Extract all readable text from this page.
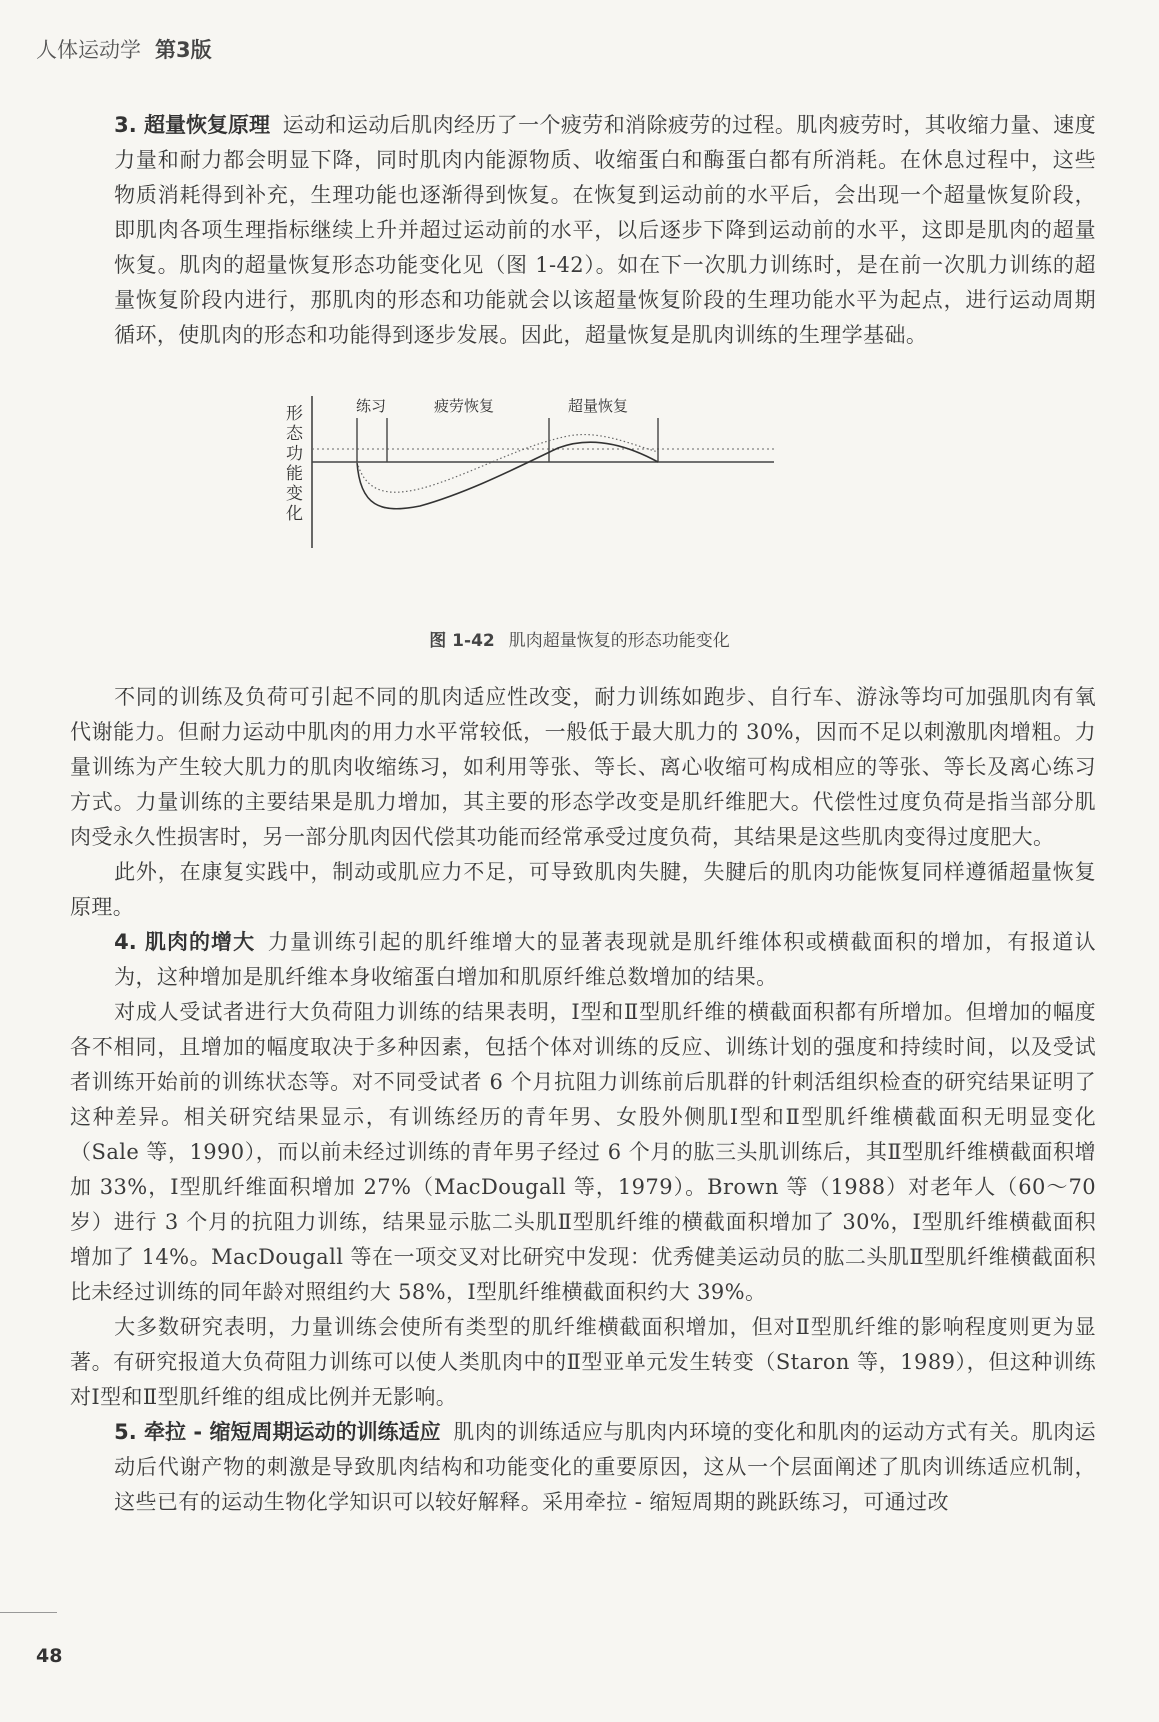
人体运动学 第3版

3. 超量恢复原理 运动和运动后肌肉经历了一个疲劳和消除疲劳的过程。肌肉疲劳时，其收缩力量、速度力量和耐力都会明显下降，同时肌肉内能源物质、收缩蛋白和酶蛋白都有所消耗。在休息过程中，这些物质消耗得到补充，生理功能也逐渐得到恢复。在恢复到运动前的水平后，会出现一个超量恢复阶段，即肌肉各项生理指标继续上升并超过运动前的水平，以后逐步下降到运动前的水平，这即是肌肉的超量恢复。肌肉的超量恢复形态功能变化见（图 1-42）。如在下一次肌力训练时，是在前一次肌力训练的超量恢复阶段内进行，那肌肉的形态和功能就会以该超量恢复阶段的生理功能水平为起点，进行运动周期循环，使肌肉的形态和功能得到逐步发展。因此，超量恢复是肌肉训练的生理学基础。

形态功能变化	练习	疲劳恢复	超量恢复
图 1-42 肌肉超量恢复的形态功能变化

不同的训练及负荷可引起不同的肌肉适应性改变，耐力训练如跑步、自行车、游泳等均可加强肌肉有氧代谢能力。但耐力运动中肌肉的用力水平常较低，一般低于最大肌力的 30%，因而不足以刺激肌肉增粗。力量训练为产生较大肌力的肌肉收缩练习，如利用等张、等长、离心收缩可构成相应的等张、等长及离心练习方式。力量训练的主要结果是肌力增加，其主要的形态学改变是肌纤维肥大。代偿性过度负荷是指当部分肌肉受永久性损害时，另一部分肌肉因代偿其功能而经常承受过度负荷，其结果是这些肌肉变得过度肥大。

此外，在康复实践中，制动或肌应力不足，可导致肌肉失腱，失腱后的肌肉功能恢复同样遵循超量恢复原理。

4. 肌肉的增大 力量训练引起的肌纤维增大的显著表现就是肌纤维体积或横截面积的增加，有报道认为，这种增加是肌纤维本身收缩蛋白增加和肌原纤维总数增加的结果。

对成人受试者进行大负荷阻力训练的结果表明，Ⅰ型和Ⅱ型肌纤维的横截面积都有所增加。但增加的幅度各不相同，且增加的幅度取决于多种因素，包括个体对训练的反应、训练计划的强度和持续时间，以及受试者训练开始前的训练状态等。对不同受试者 6 个月抗阻力训练前后肌群的针刺活组织检查的研究结果证明了这种差异。相关研究结果显示，有训练经历的青年男、女股外侧肌Ⅰ型和Ⅱ型肌纤维横截面积无明显变化（Sale 等，1990），而以前未经过训练的青年男子经过 6 个月的肱三头肌训练后，其Ⅱ型肌纤维横截面积增加 33%，Ⅰ型肌纤维面积增加 27%（MacDougall 等，1979）。Brown 等（1988）对老年人（60～70 岁）进行 3 个月的抗阻力训练，结果显示肱二头肌Ⅱ型肌纤维的横截面积增加了 30%，Ⅰ型肌纤维横截面积增加了 14%。MacDougall 等在一项交叉对比研究中发现：优秀健美运动员的肱二头肌Ⅱ型肌纤维横截面积比未经过训练的同年龄对照组约大 58%，Ⅰ型肌纤维横截面积约大 39%。

大多数研究表明，力量训练会使所有类型的肌纤维横截面积增加，但对Ⅱ型肌纤维的影响程度则更为显著。有研究报道大负荷阻力训练可以使人类肌肉中的Ⅱ型亚单元发生转变（Staron 等，1989），但这种训练对Ⅰ型和Ⅱ型肌纤维的组成比例并无影响。

5. 牵拉 - 缩短周期运动的训练适应 肌肉的训练适应与肌肉内环境的变化和肌肉的运动方式有关。肌肉运动后代谢产物的刺激是导致肌肉结构和功能变化的重要原因，这从一个层面阐述了肌肉训练适应机制，这些已有的运动生物化学知识可以较好解释。采用牵拉 - 缩短周期的跳跃练习，可通过改

48
